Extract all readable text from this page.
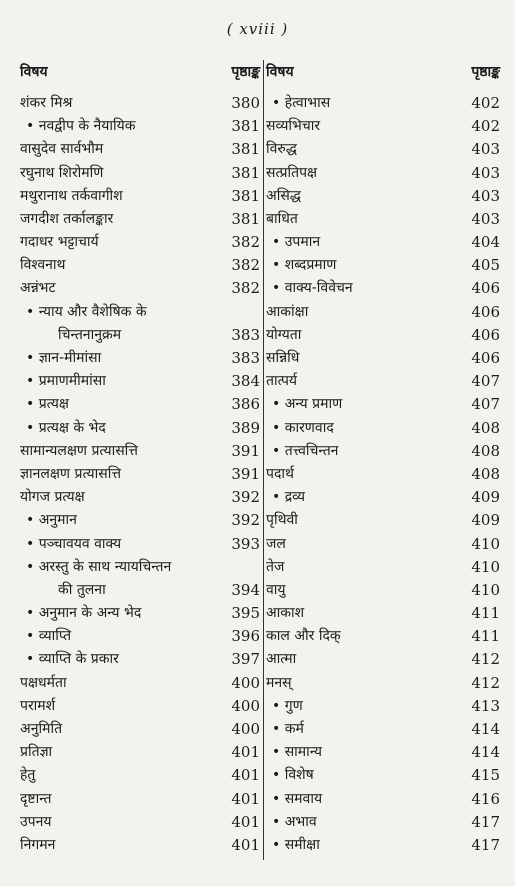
( xviii )
विषय	पृष्ठाङ्क
शंकर मिश्र	380
• नवद्वीप के नैयायिक	381
वासुदेव सार्वभौम	381
रघुनाथ शिरोमणि	381
मथुरानाथ तर्कवागीश	381
जगदीश तर्कालङ्कार	381
गदाधर भट्टाचार्य	382
विश्वनाथ	382
अन्नंभट	382
• न्याय और वैशेषिक के
चिन्तनानुक्रम	383
• ज्ञान-मीमांसा	383
• प्रमाणमीमांसा	384
• प्रत्यक्ष	386
• प्रत्यक्ष के भेद	389
सामान्यलक्षण प्रत्यासत्ति	391
ज्ञानलक्षण प्रत्यासत्ति	391
योगज प्रत्यक्ष	392
• अनुमान	392
• पञ्चावयव वाक्य	393
• अरस्तु के साथ न्यायचिन्तन
की तुलना	394
• अनुमान के अन्य भेद	395
• व्याप्ति	396
• व्याप्ति के प्रकार	397
पक्षधर्मता	400
परामर्श	400
अनुमिति	400
प्रतिज्ञा	401
हेतु	401
दृष्टान्त	401
उपनय	401
निगमन	401
विषय	पृष्ठाङ्क
• हेत्वाभास	402
सव्यभिचार	402
विरुद्ध	403
सत्प्रतिपक्ष	403
असिद्ध	403
बाधित	403
• उपमान	404
• शब्दप्रमाण	405
• वाक्य-विवेचन	406
आकांक्षा	406
योग्यता	406
सन्निधि	406
तात्पर्य	407
• अन्य प्रमाण	407
• कारणवाद	408
• तत्त्वचिन्तन	408
पदार्थ	408
• द्रव्य	409
पृथिवी	409
जल	410
तेज	410
वायु	410
आकाश	411
काल और दिक्	411
आत्मा	412
मनस्	412
• गुण	413
• कर्म	414
• सामान्य	414
• विशेष	415
• समवाय	416
• अभाव	417
• समीक्षा	417
